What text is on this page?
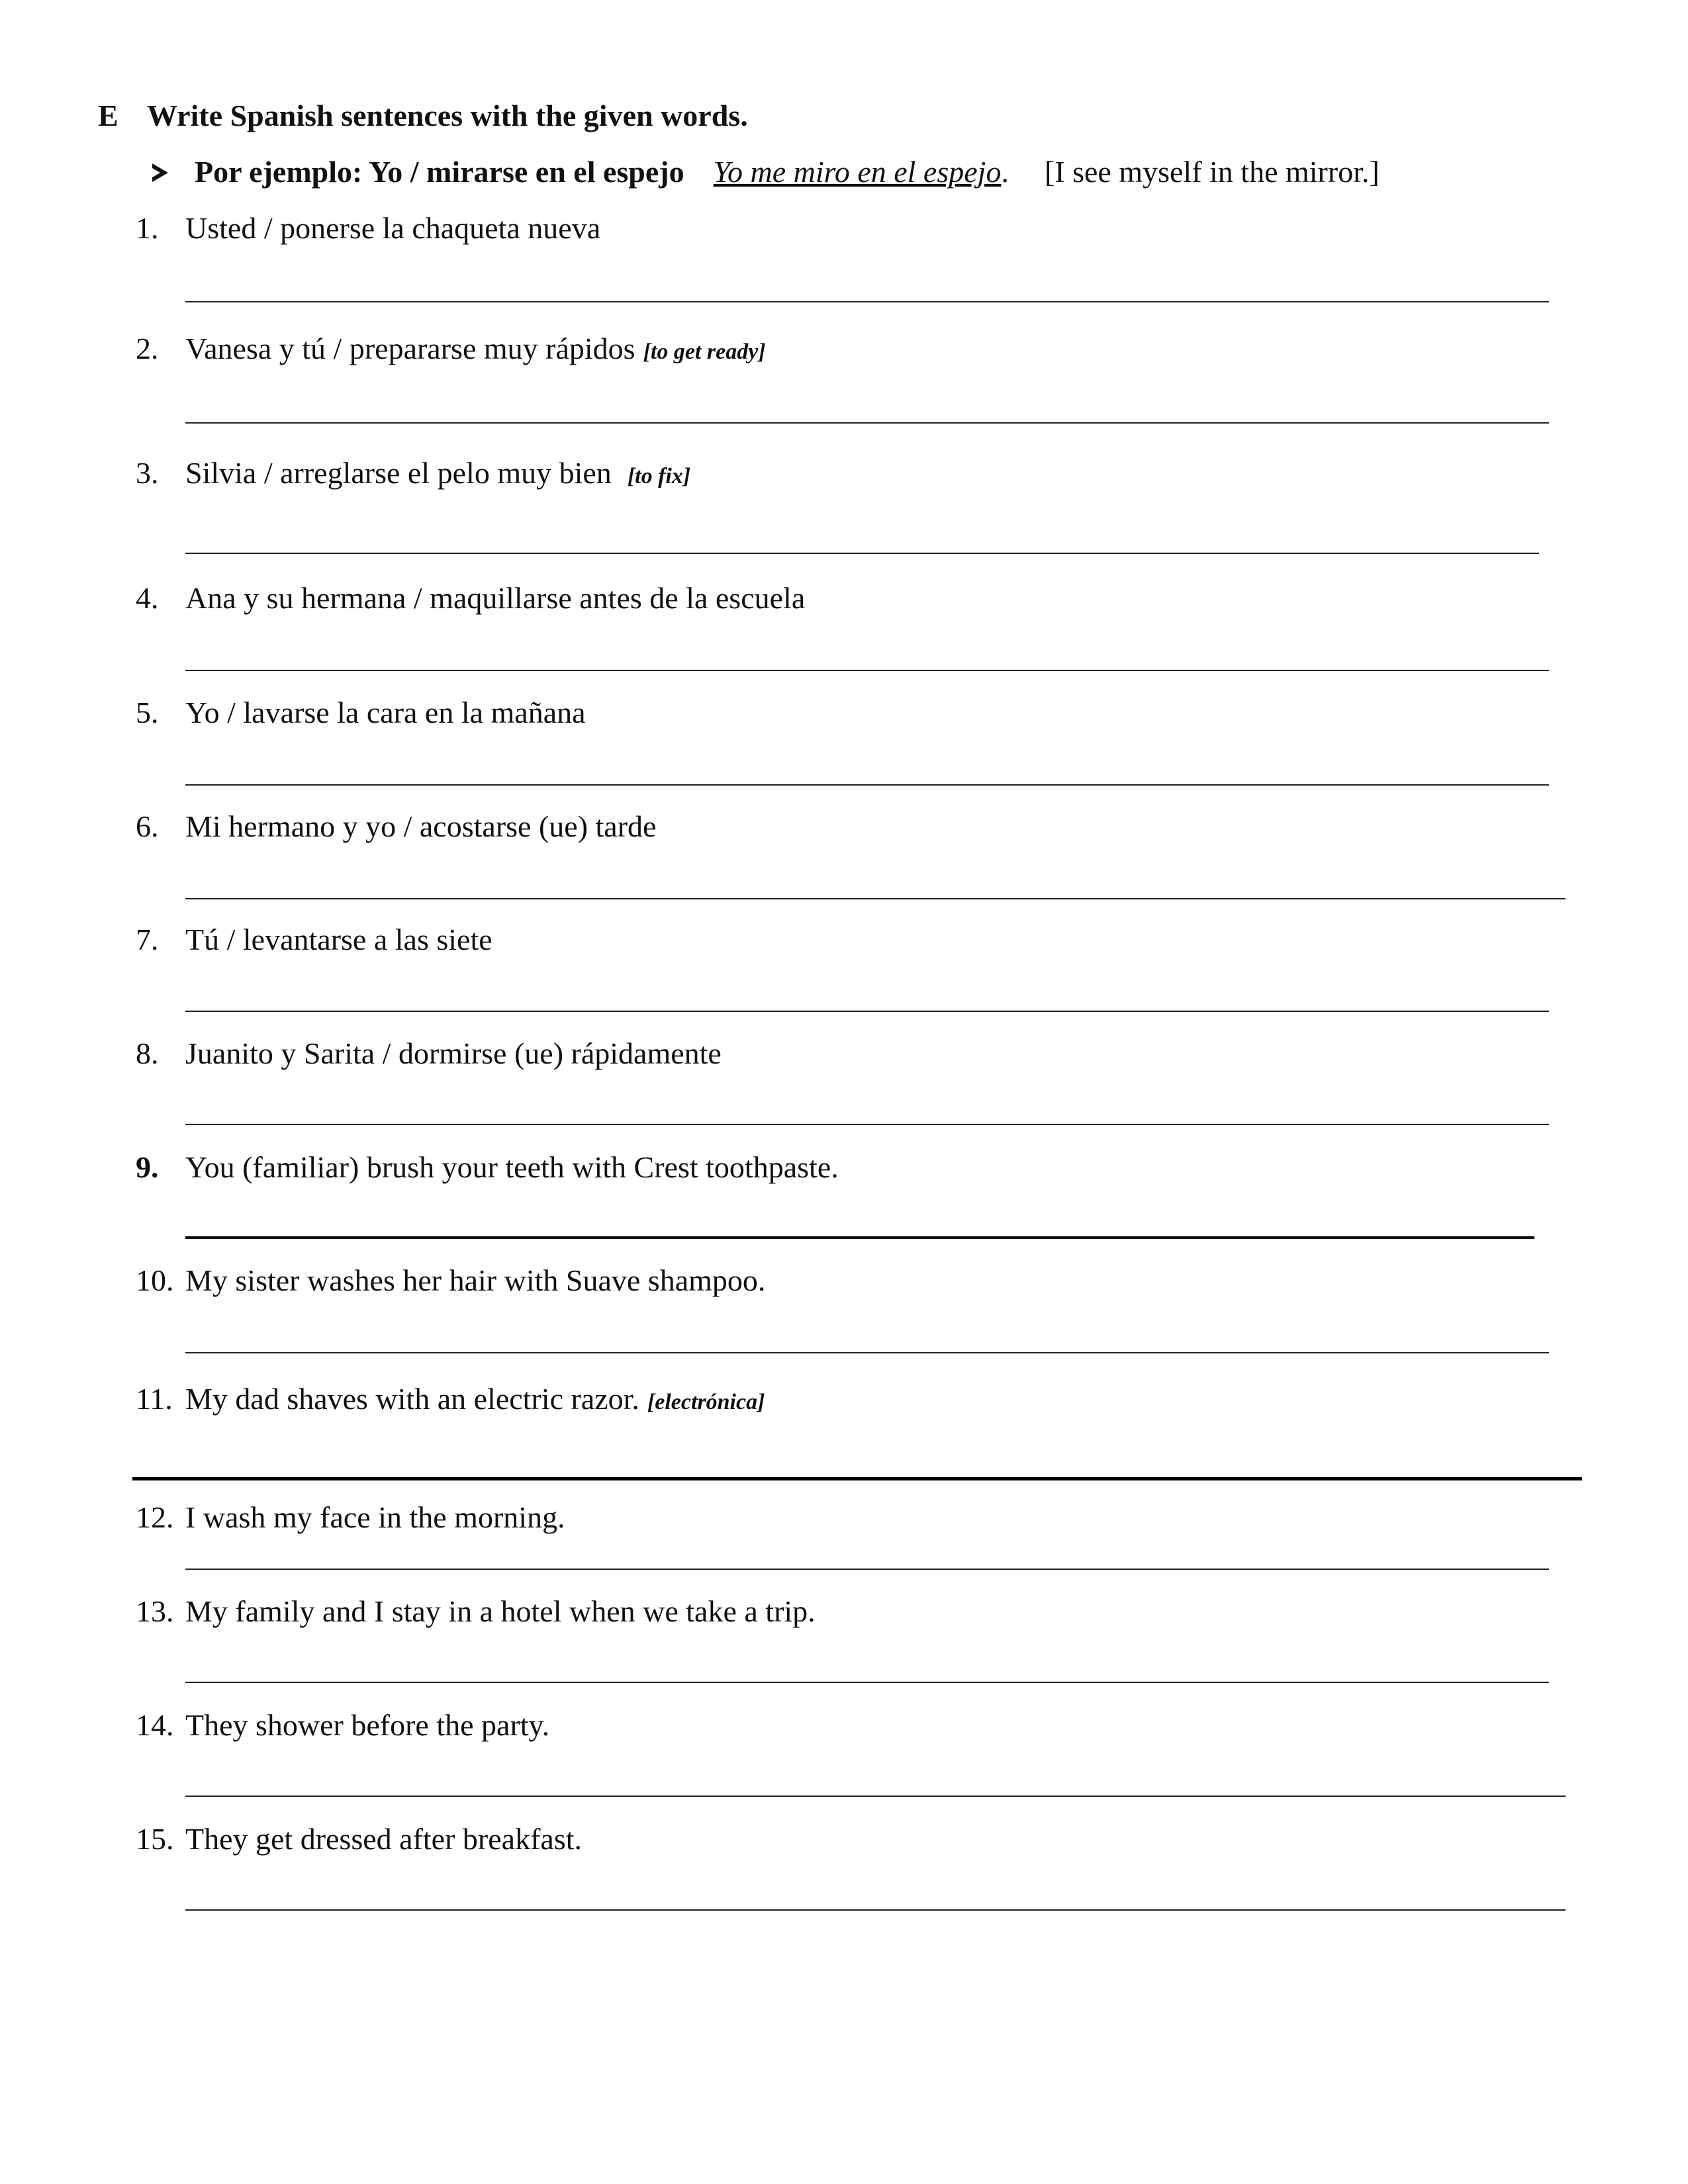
E Write Spanish sentences with the given words.
Por ejemplo: Yo / mirarse en el espejo Yo me miro en el espejo. [I see myself in the mirror.]
1. Usted / ponerse la chaqueta nueva
2. Vanesa y tú / prepararse muy rápidos [to get ready]
3. Silvia / arreglarse el pelo muy bien [to fix]
4. Ana y su hermana / maquillarse antes de la escuela
5. Yo / lavarse la cara en la mañana
6. Mi hermano y yo / acostarse (ue) tarde
7. Tú / levantarse a las siete
8. Juanito y Sarita / dormirse (ue) rápidamente
9. You (familiar) brush your teeth with Crest toothpaste.
10. My sister washes her hair with Suave shampoo.
11. My dad shaves with an electric razor. [electrónica]
12. I wash my face in the morning.
13. My family and I stay in a hotel when we take a trip.
14. They shower before the party.
15. They get dressed after breakfast.
